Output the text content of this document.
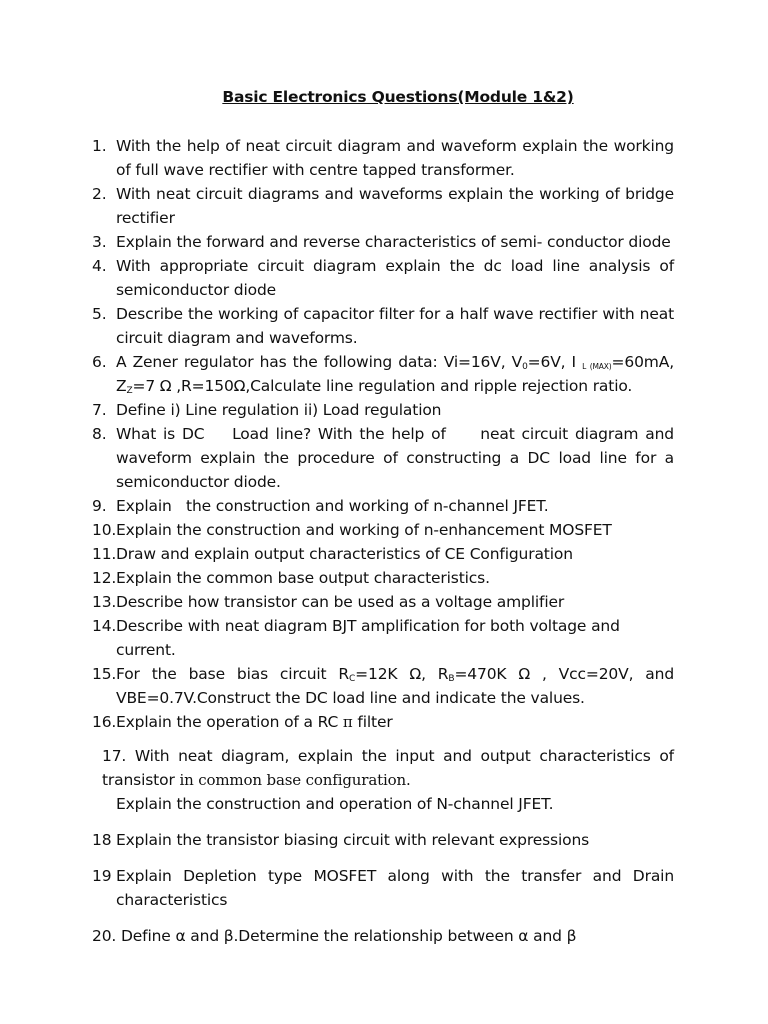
Basic Electronics Questions(Module 1&2)
1. With the help of neat circuit diagram and waveform explain the working of full wave rectifier with centre tapped transformer.
2. With neat circuit diagrams and waveforms explain the working of bridge rectifier
3. Explain the forward and reverse characteristics of semi- conductor diode
4. With appropriate circuit diagram explain the dc load line analysis of semiconductor diode
5. Describe the working of capacitor filter for a half wave rectifier with neat circuit diagram and waveforms.
6. A Zener regulator has the following data: Vi=16V, $V_0=6V$, I $_{L (MAX)}$=60mA, $Z_Z=7$ Ω ,R=150Ω,Calculate line regulation and ripple rejection ratio.
7. Define i) Line regulation ii) Load regulation
8. What is DC    Load line? With the help of     neat circuit diagram and waveform explain the procedure of constructing a DC load line for a semiconductor diode.
9. Explain   the construction and working of n-channel JFET.
10. Explain the construction and working of n-enhancement MOSFET
11. Draw and explain output characteristics of CE Configuration
12. Explain the common base output characteristics.
13. Describe how transistor can be used as a voltage amplifier
14. Describe with neat diagram BJT amplification for both voltage and current.
15. For the base bias circuit $R_C=12K$ Ω, $R_B=470K$ Ω , Vcc=20V, and VBE=0.7V.Construct the DC load line and indicate the values.
16. Explain the operation of a RC π filter
17. With neat diagram, explain the input and output characteristics of transistor in common base configuration.
Explain the construction and operation of N-channel JFET.
18 Explain the transistor biasing circuit with relevant expressions
19 Explain Depletion type MOSFET along with the transfer and Drain characteristics
20. Define α and β.Determine the relationship between α and β
